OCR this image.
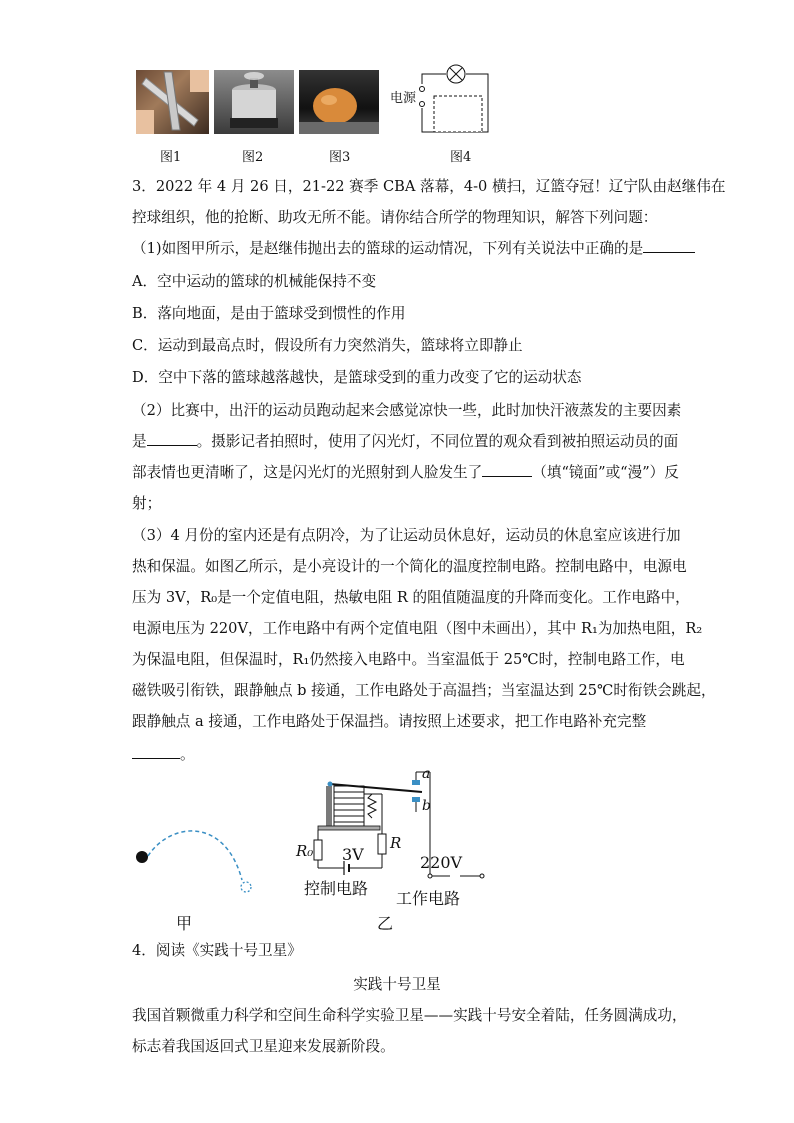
电源
图1	图2	图3	图4
3．2022 年 4 月 26 日，21-22 赛季 CBA 落幕，4-0 横扫，辽篮夺冠！辽宁队由赵继伟在
控球组织，他的抢断、助攻无所不能。请你结合所学的物理知识，解答下列问题：
（1)如图甲所示，是赵继伟抛出去的篮球的运动情况，下列有关说法中正确的是
A．空中运动的篮球的机械能保持不变
B．落向地面，是由于篮球受到惯性的作用
C．运动到最高点时，假设所有力突然消失，篮球将立即静止
D．空中下落的篮球越落越快，是篮球受到的重力改变了它的运动状态
（2）比赛中，出汗的运动员跑动起来会感觉凉快一些，此时加快汗液蒸发的主要因素
是	。摄影记者拍照时，使用了闪光灯，不同位置的观众看到被拍照运动员的面
部表情也更清晰了，这是闪光灯的光照射到人脸发生了	（填“镜面”或“漫”）反
射；
（3）4 月份的室内还是有点阴冷，为了让运动员休息好，运动员的休息室应该进行加
热和保温。如图乙所示，是小亮设计的一个简化的温度控制电路。控制电路中，电源电
压为 3V，R₀是一个定值电阻，热敏电阻 R 的阻值随温度的升降而变化。工作电路中，
电源电压为 220V，工作电路中有两个定值电阻（图中未画出），其中 R₁为加热电阻，R₂
为保温电阻，但保温时，R₁仍然接入电路中。当室温低于 25℃时，控制电路工作，电
磁铁吸引衔铁，跟静触点 b 接通，工作电路处于高温挡；当室温达到 25℃时衔铁会跳起，
跟静触点 a 接通，工作电路处于保温挡。请按照上述要求，把工作电路补充完整
。
甲
a
b
R₀	R
3V	220V
控制电路
工作电路
乙
4．阅读《实践十号卫星》
实践十号卫星
我国首颗微重力科学和空间生命科学实验卫星——实践十号安全着陆，任务圆满成功，
标志着我国返回式卫星迎来发展新阶段。
